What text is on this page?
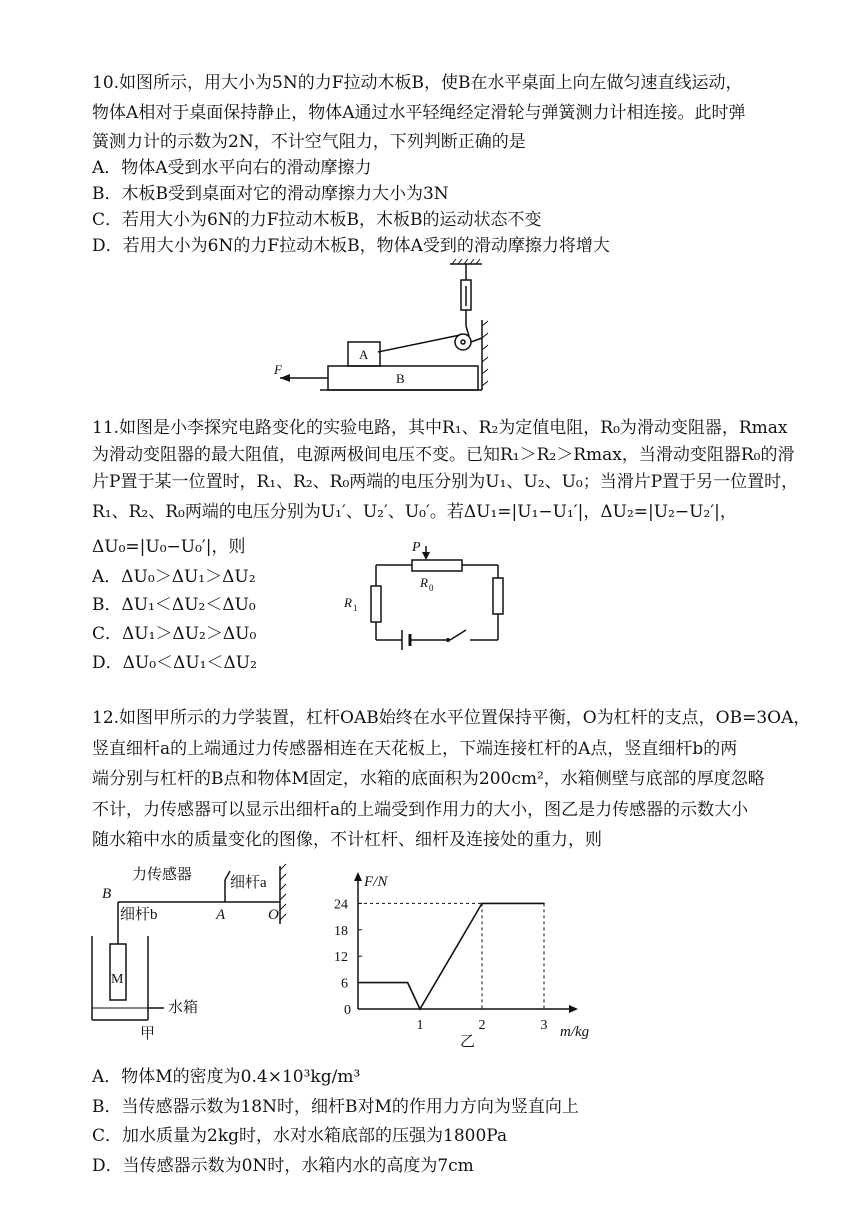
10.如图所示，用大小为5N的力F拉动木板B，使B在水平桌面上向左做匀速直线运动，
物体A相对于桌面保持静止，物体A通过水平轻绳经定滑轮与弹簧测力计相连接。此时弹
簧测力计的示数为2N，不计空气阻力，下列判断正确的是
A．物体A受到水平向右的滑动摩擦力
B．木板B受到桌面对它的滑动摩擦力大小为3N
C．若用大小为6N的力F拉动木板B，木板B的运动状态不变
D．若用大小为6N的力F拉动木板B，物体A受到的滑动摩擦力将增大
A
B
F
11.如图是小李探究电路变化的实验电路，其中R₁、R₂为定值电阻，R₀为滑动变阻器，Rmax
为滑动变阻器的最大阻值，电源两极间电压不变。已知R₁＞R₂＞Rmax，当滑动变阻器R₀的滑
片P置于某一位置时，R₁、R₂、R₀两端的电压分别为U₁、U₂、U₀；当滑片P置于另一位置时，
R₁、R₂、R₀两端的电压分别为U₁′、U₂′、U₀′。若ΔU₁=|U₁−U₁′|，ΔU₂=|U₂−U₂′|，
ΔU₀=|U₀−U₀′|，则
A．ΔU₀＞ΔU₁＞ΔU₂
B．ΔU₁＜ΔU₂＜ΔU₀
C．ΔU₁＞ΔU₂＞ΔU₀
D．ΔU₀＜ΔU₁＜ΔU₂
P
R 0
R 1
12.如图甲所示的力学装置，杠杆OAB始终在水平位置保持平衡，O为杠杆的支点，OB=3OA，
竖直细杆a的上端通过力传感器相连在天花板上，下端连接杠杆的A点，竖直细杆b的两
端分别与杠杆的B点和物体M固定，水箱的底面积为200cm²，水箱侧壁与底部的厚度忽略
不计，力传感器可以显示出细杆a的上端受到作用力的大小，图乙是力传感器的示数大小
随水箱中水的质量变化的图像，不计杠杆、细杆及连接处的重力，则
力传感器	细杆a
细杆b
B
A	O
M
水箱
甲
F/N
m/kg
0
6
12
18
24
1	2	3
乙
A．物体M的密度为0.4×10³kg/m³
B．当传感器示数为18N时，细杆B对M的作用力方向为竖直向上
C．加水质量为2kg时，水对水箱底部的压强为1800Pa
D．当传感器示数为0N时，水箱内水的高度为7cm
